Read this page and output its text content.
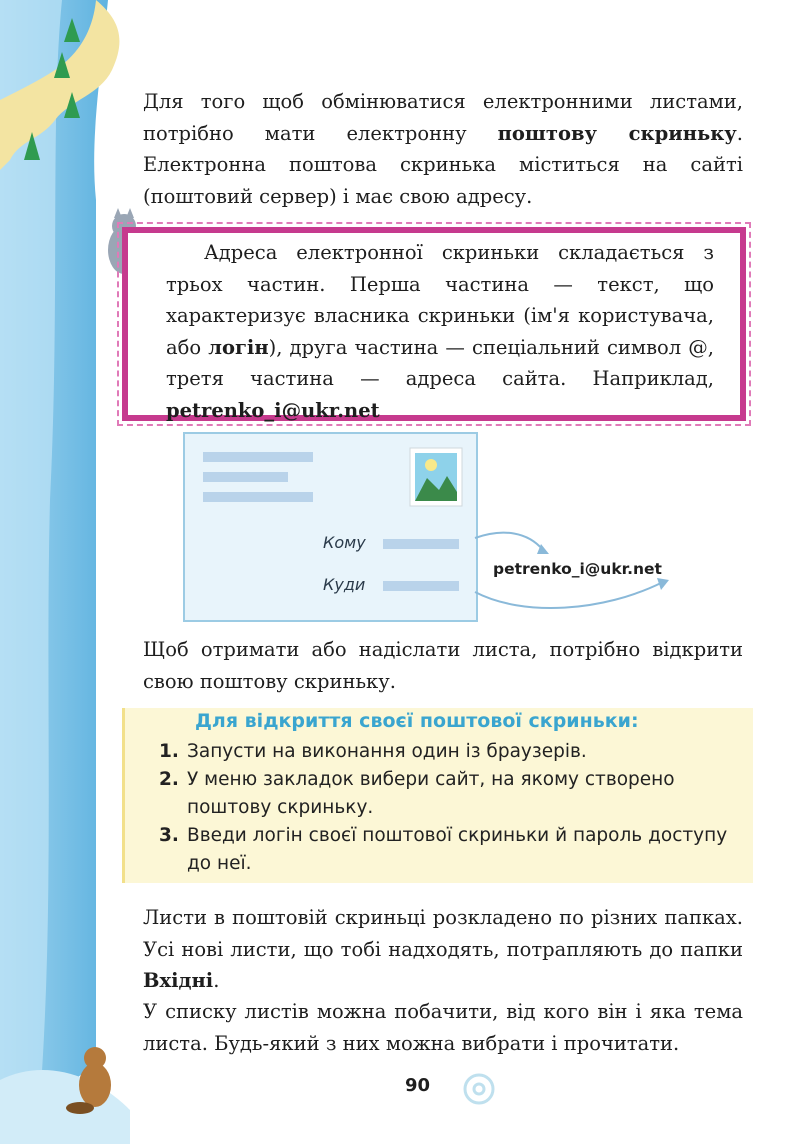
Для того щоб обмінюватися електронними листами, потрібно мати електронну поштову скриньку. Електронна поштова скринька міститься на сайті (поштовий сервер) і має свою адресу.

Адреса електронної скриньки складається з трьох частин. Перша частина — текст, що характеризує власника скриньки (ім'я користувача, або логін), друга частина — спеціальний символ @, третя частина — адреса сайта. Наприклад, petrenko_i@ukr.net

Кому
Куди
petrenko_i@ukr.net

Щоб отримати або надіслати листа, потрібно відкрити свою поштову скриньку.

Для відкриття своєї поштової скриньки:

1. Запусти на виконання один із браузерів.
2. У меню закладок вибери сайт, на якому створено поштову скриньку.
3. Введи логін своєї поштової скриньки й пароль доступу до неї.

Листи в поштовій скриньці розкладено по різних папках. Усі нові листи, що тобі надходять, потрапляють до папки Вхідні.

У списку листів можна побачити, від кого він і яка тема листа. Будь-який з них можна вибрати і прочитати.

90
